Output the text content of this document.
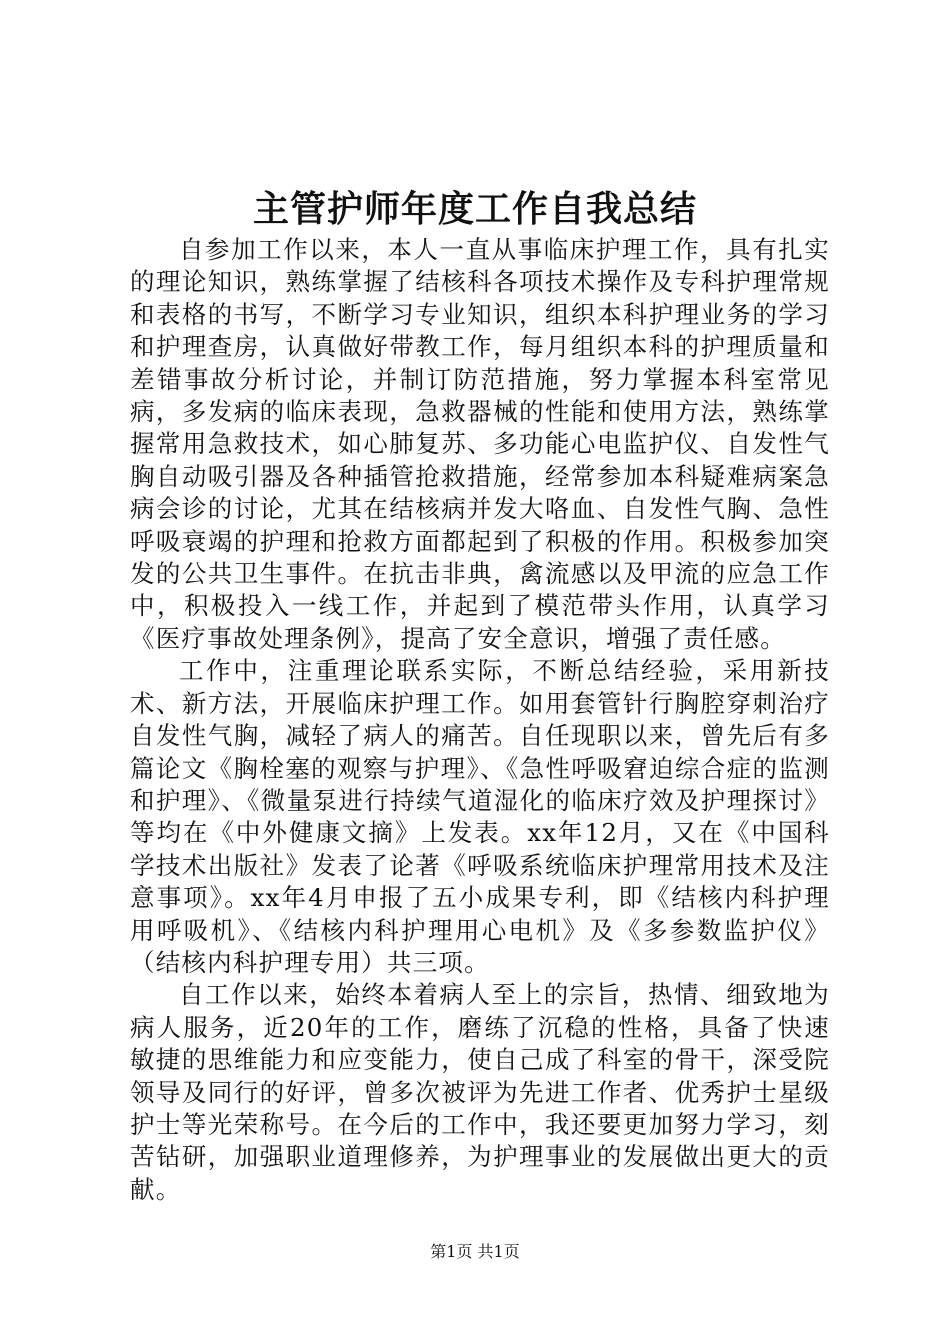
主管护师年度工作自我总结

自参加工作以来，本人一直从事临床护理工作，具有扎实的理论知识，熟练掌握了结核科各项技术操作及专科护理常规和表格的书写，不断学习专业知识，组织本科护理业务的学习和护理查房，认真做好带教工作，每月组织本科的护理质量和差错事故分析讨论，并制订防范措施，努力掌握本科室常见病，多发病的临床表现，急救器械的性能和使用方法，熟练掌握常用急救技术，如心肺复苏、多功能心电监护仪、自发性气胸自动吸引器及各种插管抢救措施，经常参加本科疑难病案急病会诊的讨论，尤其在结核病并发大咯血、自发性气胸、急性呼吸衰竭的护理和抢救方面都起到了积极的作用。积极参加突发的公共卫生事件。在抗击非典，禽流感以及甲流的应急工作中，积极投入一线工作，并起到了模范带头作用，认真学习《医疗事故处理条例》，提高了安全意识，增强了责任感。

工作中，注重理论联系实际，不断总结经验，采用新技术、新方法，开展临床护理工作。如用套管针行胸腔穿刺治疗自发性气胸，减轻了病人的痛苦。自任现职以来，曾先后有多篇论文《胸栓塞的观察与护理》、《急性呼吸窘迫综合症的监测和护理》、《微量泵进行持续气道湿化的临床疗效及护理探讨》等均在《中外健康文摘》上发表。xx年12月，又在《中国科学技术出版社》发表了论著《呼吸系统临床护理常用技术及注意事项》。xx年4月申报了五小成果专利，即《结核内科护理用呼吸机》、《结核内科护理用心电机》及《多参数监护仪》（结核内科护理专用）共三项。

自工作以来，始终本着病人至上的宗旨，热情、细致地为病人服务，近20年的工作，磨练了沉稳的性格，具备了快速敏捷的思维能力和应变能力，使自己成了科室的骨干，深受院领导及同行的好评，曾多次被评为先进工作者、优秀护士星级护士等光荣称号。在今后的工作中，我还要更加努力学习，刻苦钻研，加强职业道理修养，为护理事业的发展做出更大的贡献。

第1页 共1页
